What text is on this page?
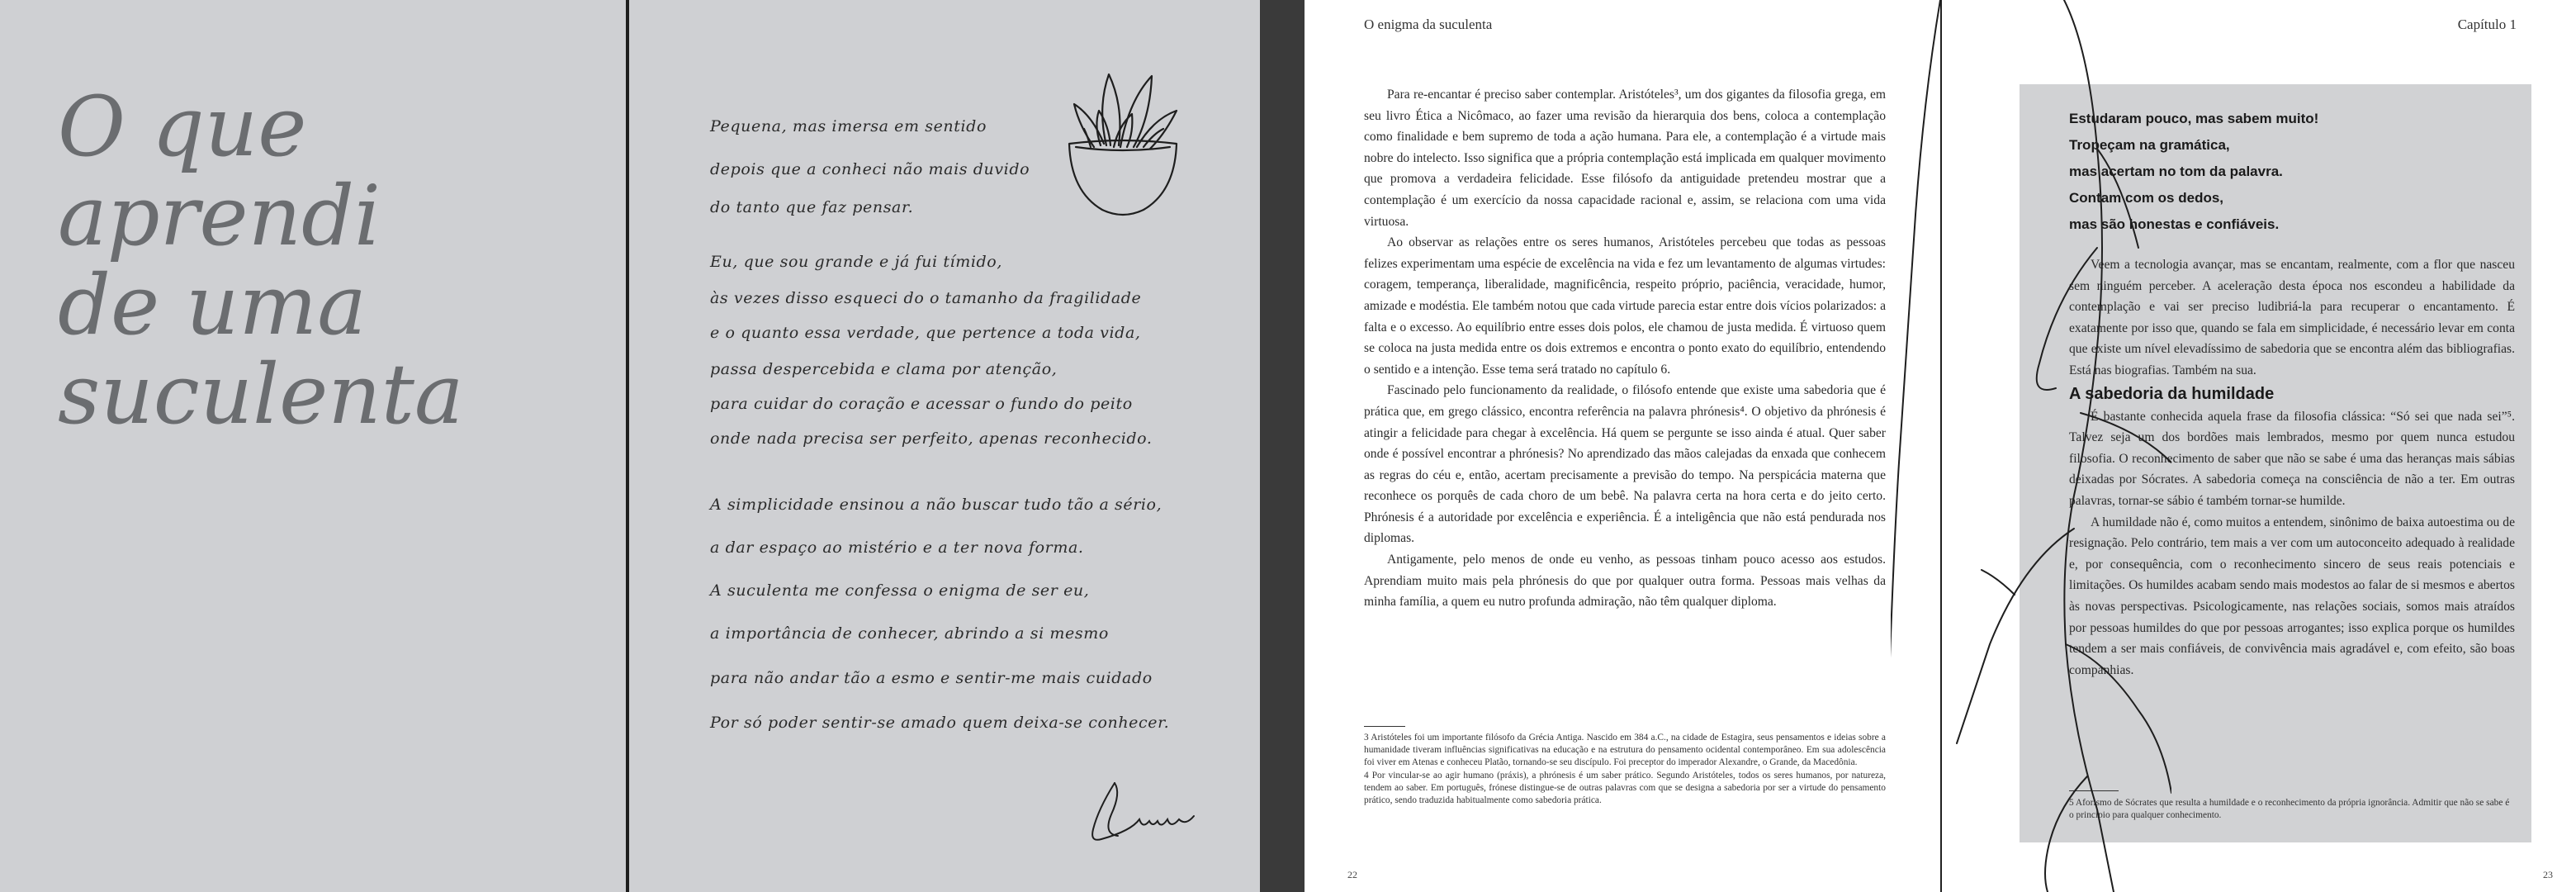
O que
aprendi
de uma
suculenta
Pequena, mas imersa em sentido
depois que a conheci não mais duvido
do tanto que faz pensar.
Eu, que sou grande e já fui tímido,
às vezes disso esqueci do o tamanho da fragilidade
e o quanto essa verdade, que pertence a toda vida,
passa despercebida e clama por atenção,
para cuidar do coração e acessar o fundo do peito
onde nada precisa ser perfeito, apenas reconhecido.
A simplicidade ensinou a não buscar tudo tão a sério,
a dar espaço ao mistério e a ter nova forma.
A suculenta me confessa o enigma de ser eu,
a importância de conhecer, abrindo a si mesmo
para não andar tão a esmo e sentir-me mais cuidado
Por só poder sentir-se amado quem deixa-se conhecer.
Lucas
O enigma da suculenta

Para re-encantar é preciso saber contemplar. Aristóteles³, um dos gigantes da filosofia grega, em seu livro Ética a Nicômaco, ao fazer uma revisão da hierarquia dos bens, coloca a contemplação como finalidade e bem supremo de toda a ação humana. Para ele, a contemplação é a virtude mais nobre do intelecto. Isso significa que a própria contemplação está implicada em qualquer movimento que promova a verdadeira felicidade. Esse filósofo da antiguidade pretendeu mostrar que a contemplação é um exercício da nossa capacidade racional e, assim, se relaciona com uma vida virtuosa.

Ao observar as relações entre os seres humanos, Aristóteles percebeu que todas as pessoas felizes experimentam uma espécie de excelência na vida e fez um levantamento de algumas virtudes: coragem, temperança, liberalidade, magnificência, respeito próprio, paciência, veracidade, humor, amizade e modéstia. Ele também notou que cada virtude parecia estar entre dois vícios polarizados: a falta e o excesso. Ao equilíbrio entre esses dois polos, ele chamou de justa medida. É virtuoso quem se coloca na justa medida entre os dois extremos e encontra o ponto exato do equilíbrio, entendendo o sentido e a intenção. Esse tema será tratado no capítulo 6.

Fascinado pelo funcionamento da realidade, o filósofo entende que existe uma sabedoria que é prática que, em grego clássico, encontra referência na palavra phrónesis⁴. O objetivo da phrónesis é atingir a felicidade para chegar à excelência. Há quem se pergunte se isso ainda é atual. Quer saber onde é possível encontrar a phrónesis? No aprendizado das mãos calejadas da enxada que conhecem as regras do céu e, então, acertam precisamente a previsão do tempo. Na perspicácia materna que reconhece os porquês de cada choro de um bebê. Na palavra certa na hora certa e do jeito certo. Phrónesis é a autoridade por excelência e experiência. É a inteligência que não está pendurada nos diplomas.

Antigamente, pelo menos de onde eu venho, as pessoas tinham pouco acesso aos estudos. Aprendiam muito mais pela phrónesis do que por qualquer outra forma. Pessoas mais velhas da minha família, a quem eu nutro profunda admiração, não têm qualquer diploma.

3 Aristóteles foi um importante filósofo da Grécia Antiga. Nascido em 384 a.C., na cidade de Estagira, seus pensamentos e ideias sobre a humanidade tiveram influências significativas na educação e na estrutura do pensamento ocidental contemporâneo. Em sua adolescência foi viver em Atenas e conheceu Platão, tornando-se seu discípulo. Foi preceptor do imperador Alexandre, o Grande, da Macedônia.

4 Por vincular-se ao agir humano (práxis), a phrónesis é um saber prático. Segundo Aristóteles, todos os seres humanos, por natureza, tendem ao saber. Em português, frónese distingue-se de outras palavras com que se designa a sabedoria por ser a virtude do pensamento prático, sendo traduzida habitualmente como sabedoria prática.

22
Capítulo 1
Estudaram pouco, mas sabem muito!
Tropeçam na gramática,
mas acertam no tom da palavra.
Contam com os dedos,
mas são honestas e confiáveis.

Veem a tecnologia avançar, mas se encantam, realmente, com a flor que nasceu sem ninguém perceber. A aceleração desta época nos escondeu a habilidade da contemplação e vai ser preciso ludibriá-la para recuperar o encantamento. É exatamente por isso que, quando se fala em simplicidade, é necessário levar em conta que existe um nível elevadíssimo de sabedoria que se encontra além das bibliografias. Está nas biografias. Também na sua.

A sabedoria da humildade

É bastante conhecida aquela frase da filosofia clássica: “Só sei que nada sei”⁵. Talvez seja um dos bordões mais lembrados, mesmo por quem nunca estudou filosofia. O reconhecimento de saber que não se sabe é uma das heranças mais sábias deixadas por Sócrates. A sabedoria começa na consciência de não a ter. Em outras palavras, tornar-se sábio é também tornar-se humilde.

A humildade não é, como muitos a entendem, sinônimo de baixa autoestima ou de resignação. Pelo contrário, tem mais a ver com um autoconceito adequado à realidade e, por consequência, com o reconhecimento sincero de seus reais potenciais e limitações. Os humildes acabam sendo mais modestos ao falar de si mesmos e abertos às novas perspectivas. Psicologicamente, nas relações sociais, somos mais atraídos por pessoas humildes do que por pessoas arrogantes; isso explica porque os humildes tendem a ser mais confiáveis, de convivência mais agradável e, com efeito, são boas companhias.

5 Aforismo de Sócrates que resulta a humildade e o reconhecimento da própria ignorância. Admitir que não se sabe é o princípio para qualquer conhecimento.
23
